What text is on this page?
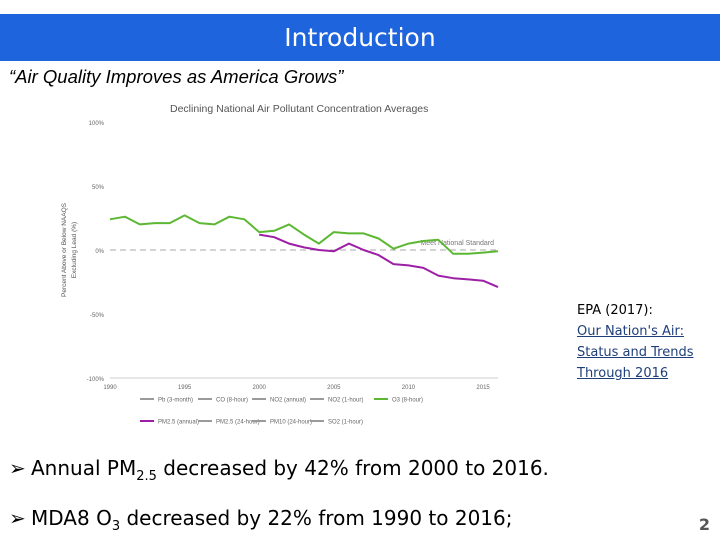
Introduction
“Air Quality Improves as America Grows”
Declining National Air Pollutant Concentration Averages
Percent Above or Below NAAQS Excluding Lead (%)
100%
50%
0%
-50%
-100%
1990	1995	2000	2005	2010	2015
Meet National Standard
Pb (3-month)	CO (8-hour)	NO2 (annual)	NO2 (1-hour)	O3 (8-hour)
PM2.5 (annual)	PM2.5 (24-hour) PM10 (24-hour)	SO2 (1-hour)
EPA (2017):
Our Nation's Air:
Status and Trends
Through 2016
➢ Annual $PM_{2.5}$ decreased by 42% from 2000 to 2016.
➢ MDA8 $O_3$ decreased by 22% from 1990 to 2016;	2
